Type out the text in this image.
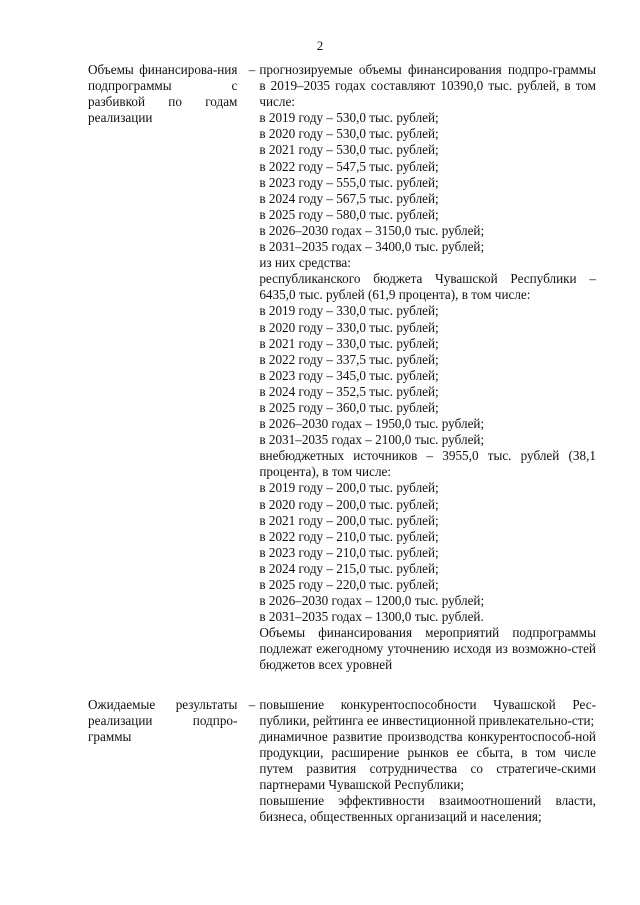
2
Объемы финансирова-ния подпрограммы с разбивкой по годам реализации
– прогнозируемые объемы финансирования подпро-граммы в 2019–2035 годах составляют 10390,0 тыс. рублей, в том числе:
в 2019 году – 530,0 тыс. рублей;
в 2020 году – 530,0 тыс. рублей;
в 2021 году – 530,0 тыс. рублей;
в 2022 году – 547,5 тыс. рублей;
в 2023 году – 555,0 тыс. рублей;
в 2024 году – 567,5 тыс. рублей;
в 2025 году – 580,0 тыс. рублей;
в 2026–2030 годах – 3150,0 тыс. рублей;
в 2031–2035 годах – 3400,0 тыс. рублей;
из них средства:
республиканского бюджета Чувашской Республики – 6435,0 тыс. рублей (61,9 процента), в том числе:
в 2019 году – 330,0 тыс. рублей;
в 2020 году – 330,0 тыс. рублей;
в 2021 году – 330,0 тыс. рублей;
в 2022 году – 337,5 тыс. рублей;
в 2023 году – 345,0 тыс. рублей;
в 2024 году – 352,5 тыс. рублей;
в 2025 году – 360,0 тыс. рублей;
в 2026–2030 годах – 1950,0 тыс. рублей;
в 2031–2035 годах – 2100,0 тыс. рублей;
внебюджетных источников – 3955,0 тыс. рублей (38,1 процента), в том числе:
в 2019 году – 200,0 тыс. рублей;
в 2020 году – 200,0 тыс. рублей;
в 2021 году – 200,0 тыс. рублей;
в 2022 году – 210,0 тыс. рублей;
в 2023 году – 210,0 тыс. рублей;
в 2024 году – 215,0 тыс. рублей;
в 2025 году – 220,0 тыс. рублей;
в 2026–2030 годах – 1200,0 тыс. рублей;
в 2031–2035 годах – 1300,0 тыс. рублей.
Объемы финансирования мероприятий подпрограммы подлежат ежегодному уточнению исходя из возможно-стей бюджетов всех уровней
Ожидаемые результаты реализации подпро-граммы
– повышение конкурентоспособности Чувашской Рес-публики, рейтинга ее инвестиционной привлекательно-сти;
динамичное развитие производства конкурентоспособ-ной продукции, расширение рынков ее сбыта, в том числе путем развития сотрудничества со стратегиче-скими партнерами Чувашской Республики;
повышение эффективности взаимоотношений власти, бизнеса, общественных организаций и населения;
